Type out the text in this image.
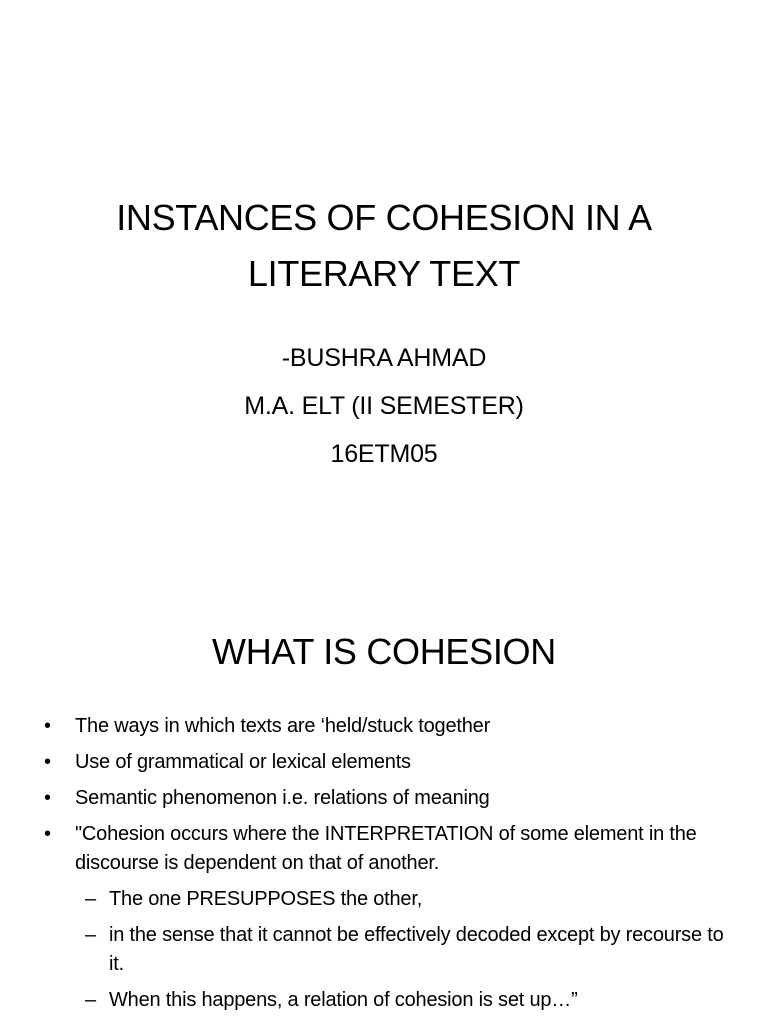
INSTANCES OF COHESION IN A LITERARY TEXT
-BUSHRA AHMAD
M.A. ELT (II SEMESTER)
16ETM05
WHAT IS COHESION
• The ways in which texts are ‘held/stuck together
• Use of grammatical or lexical elements
• Semantic phenomenon i.e. relations of meaning
• "Cohesion occurs where the INTERPRETATION of some element in the discourse is dependent on that of another.
– The one PRESUPPOSES the other,
– in the sense that it cannot be effectively decoded except by recourse to it.
– When this happens, a relation of cohesion is set up…”
